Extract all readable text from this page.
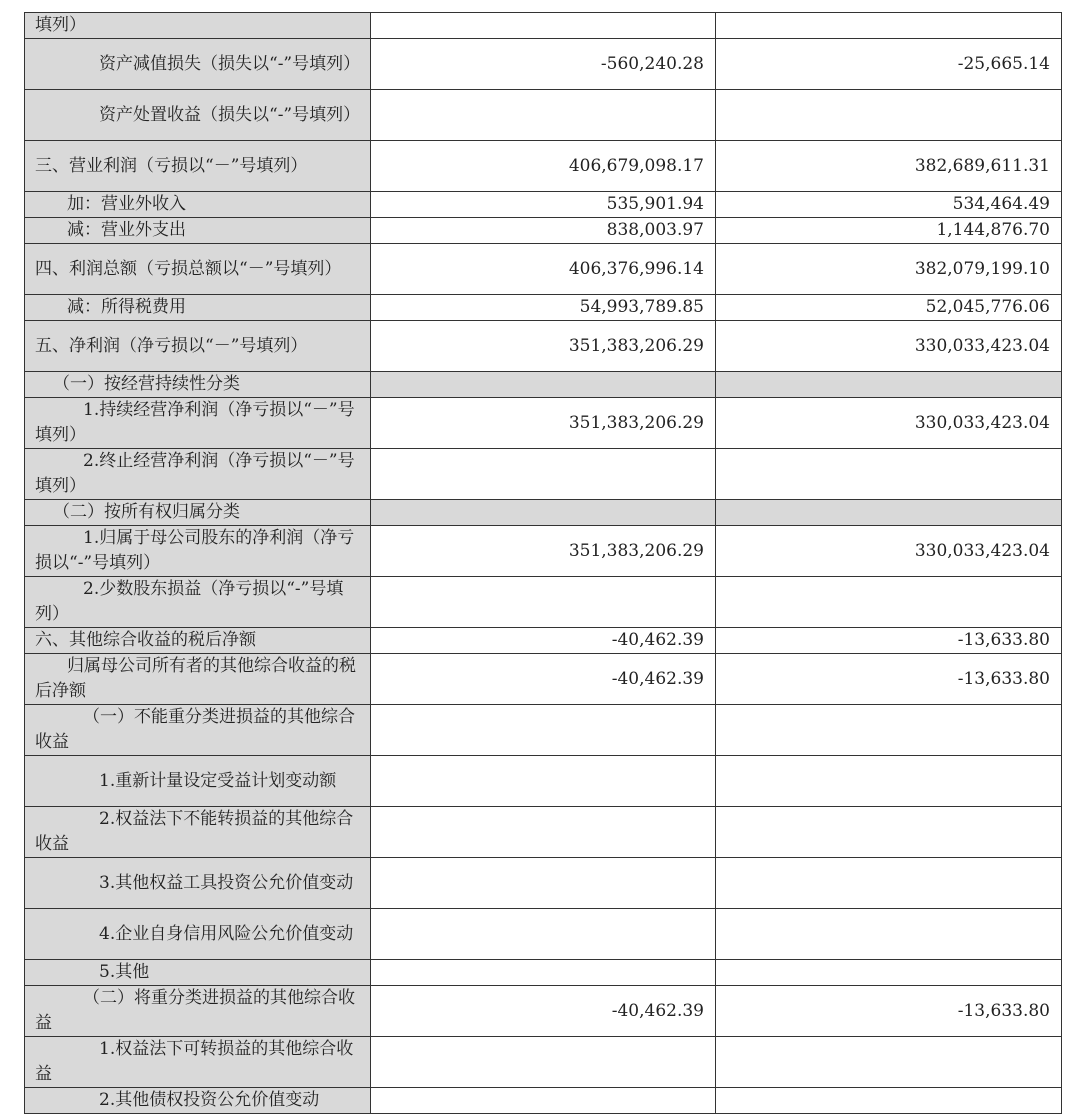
填列）		
资产减值损失（损失以“-”号填列）	-560,240.28	-25,665.14
资产处置收益（损失以“-”号填列）		
三、营业利润（亏损以“－”号填列）	406,679,098.17	382,689,611.31
加：营业外收入	535,901.94	534,464.49
减：营业外支出	838,003.97	1,144,876.70
四、利润总额（亏损总额以“－”号填列）	406,376,996.14	382,079,199.10
减：所得税费用	54,993,789.85	52,045,776.06
五、净利润（净亏损以“－”号填列）	351,383,206.29	330,033,423.04
（一）按经营持续性分类		
1.持续经营净利润（净亏损以“－”号填列）	351,383,206.29	330,033,423.04
2.终止经营净利润（净亏损以“－”号填列）		
（二）按所有权归属分类		
1.归属于母公司股东的净利润（净亏损以“-”号填列）	351,383,206.29	330,033,423.04
2.少数股东损益（净亏损以“-”号填列）		
六、其他综合收益的税后净额	-40,462.39	-13,633.80
归属母公司所有者的其他综合收益的税后净额	-40,462.39	-13,633.80
（一）不能重分类进损益的其他综合收益		
1.重新计量设定受益计划变动额		
2.权益法下不能转损益的其他综合收益		
3.其他权益工具投资公允价值变动		
4.企业自身信用风险公允价值变动		
5.其他		
（二）将重分类进损益的其他综合收益	-40,462.39	-13,633.80
1.权益法下可转损益的其他综合收益		
2.其他债权投资公允价值变动		
